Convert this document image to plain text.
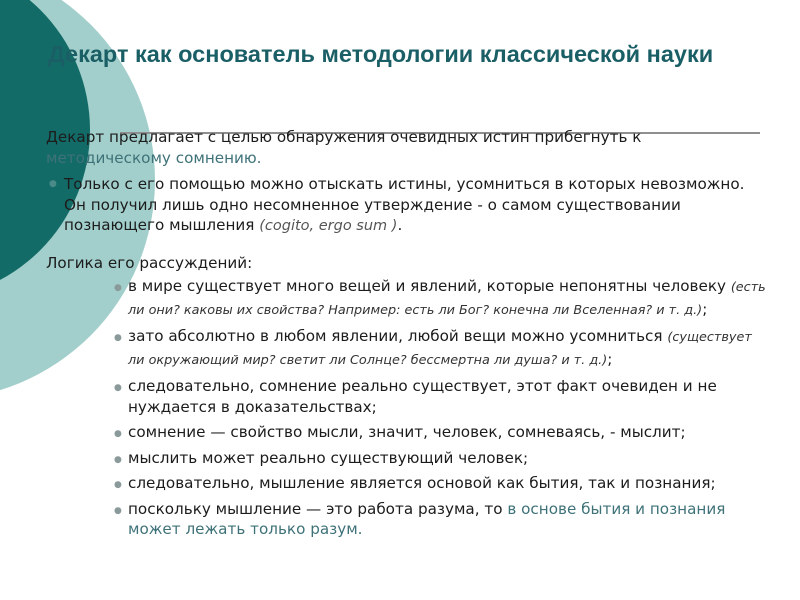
Декарт как основатель методологии классической науки

Декарт предлагает с целью обнаружения очевидных истин прибегнуть к методическому сомнению.

● Только с его помощью можно отыскать истины, усомниться в которых невозможно. Он получил лишь одно несомненное утверждение - о самом существовании познающего мышления (cogito, ergo sum ).

Логика его рассуждений:

● в мире существует много вещей и явлений, которые непонятны человеку (есть ли они? каковы их свойства? Например: есть ли Бог? конечна ли Вселенная? и т. д.);
● зато абсолютно в любом явлении, любой вещи можно усомниться (существует ли окружающий мир? светит ли Солнце? бессмертна ли душа? и т. д.);
● следовательно, сомнение реально существует, этот факт очевиден и не нуждается в доказательствах;
● сомнение — свойство мысли, значит, человек, сомневаясь, - мыслит;
● мыслить может реально существующий человек;
● следовательно, мышление является основой как бытия, так и познания;
● поскольку мышление — это работа разума, то в основе бытия и познания может лежать только разум.
